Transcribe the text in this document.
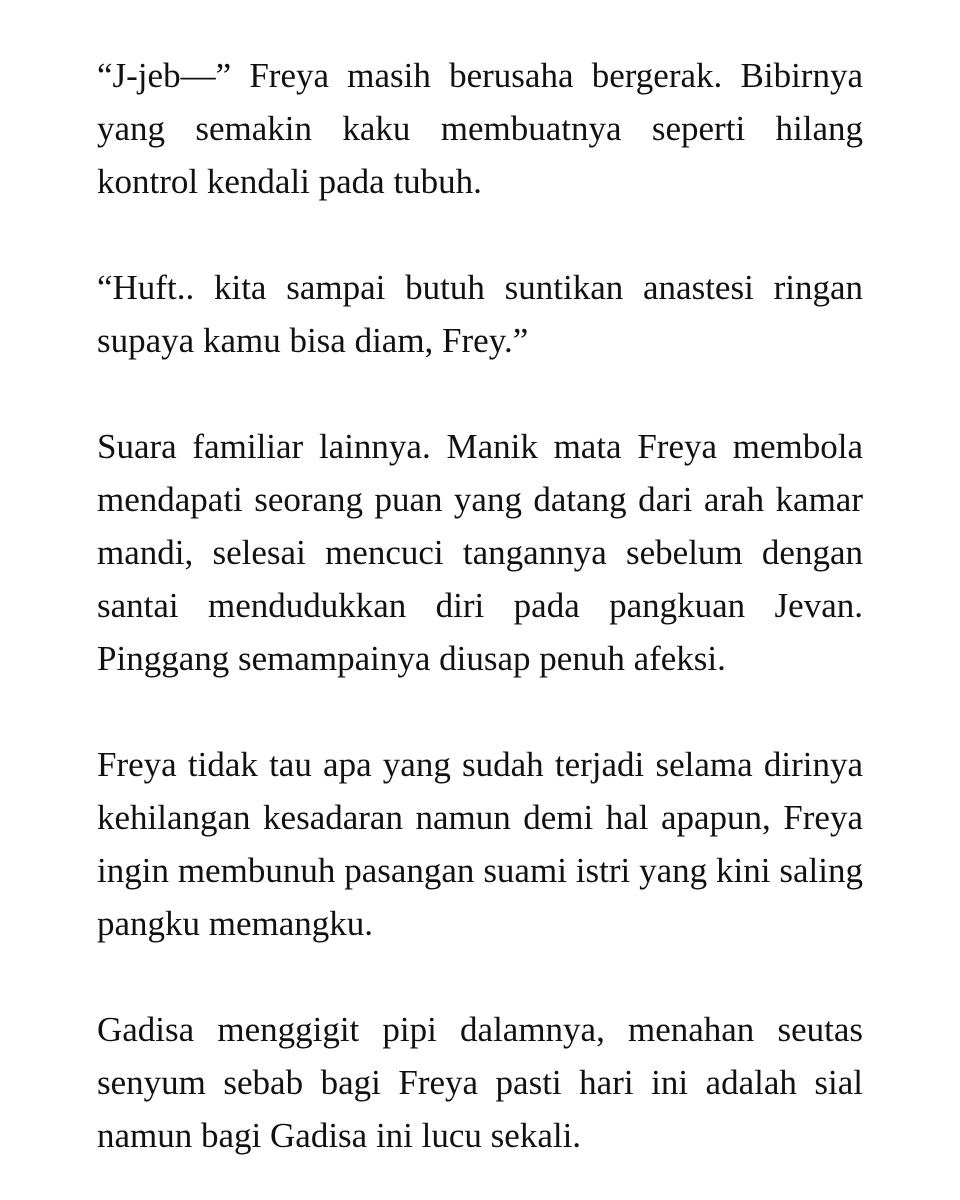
“J-jeb—” Freya masih berusaha bergerak. Bibirnya yang semakin kaku membuatnya seperti hilang kontrol kendali pada tubuh.

“Huft.. kita sampai butuh suntikan anastesi ringan supaya kamu bisa diam, Frey.”

Suara familiar lainnya. Manik mata Freya membola mendapati seorang puan yang datang dari arah kamar mandi, selesai mencuci tangannya sebelum dengan santai mendudukkan diri pada pangkuan Jevan. Pinggang semampainya diusap penuh afeksi.

Freya tidak tau apa yang sudah terjadi selama dirinya kehilangan kesadaran namun demi hal apapun, Freya ingin membunuh pasangan suami istri yang kini saling pangku memangku.

Gadisa menggigit pipi dalamnya, menahan seutas senyum sebab bagi Freya pasti hari ini adalah sial namun bagi Gadisa ini lucu sekali.
